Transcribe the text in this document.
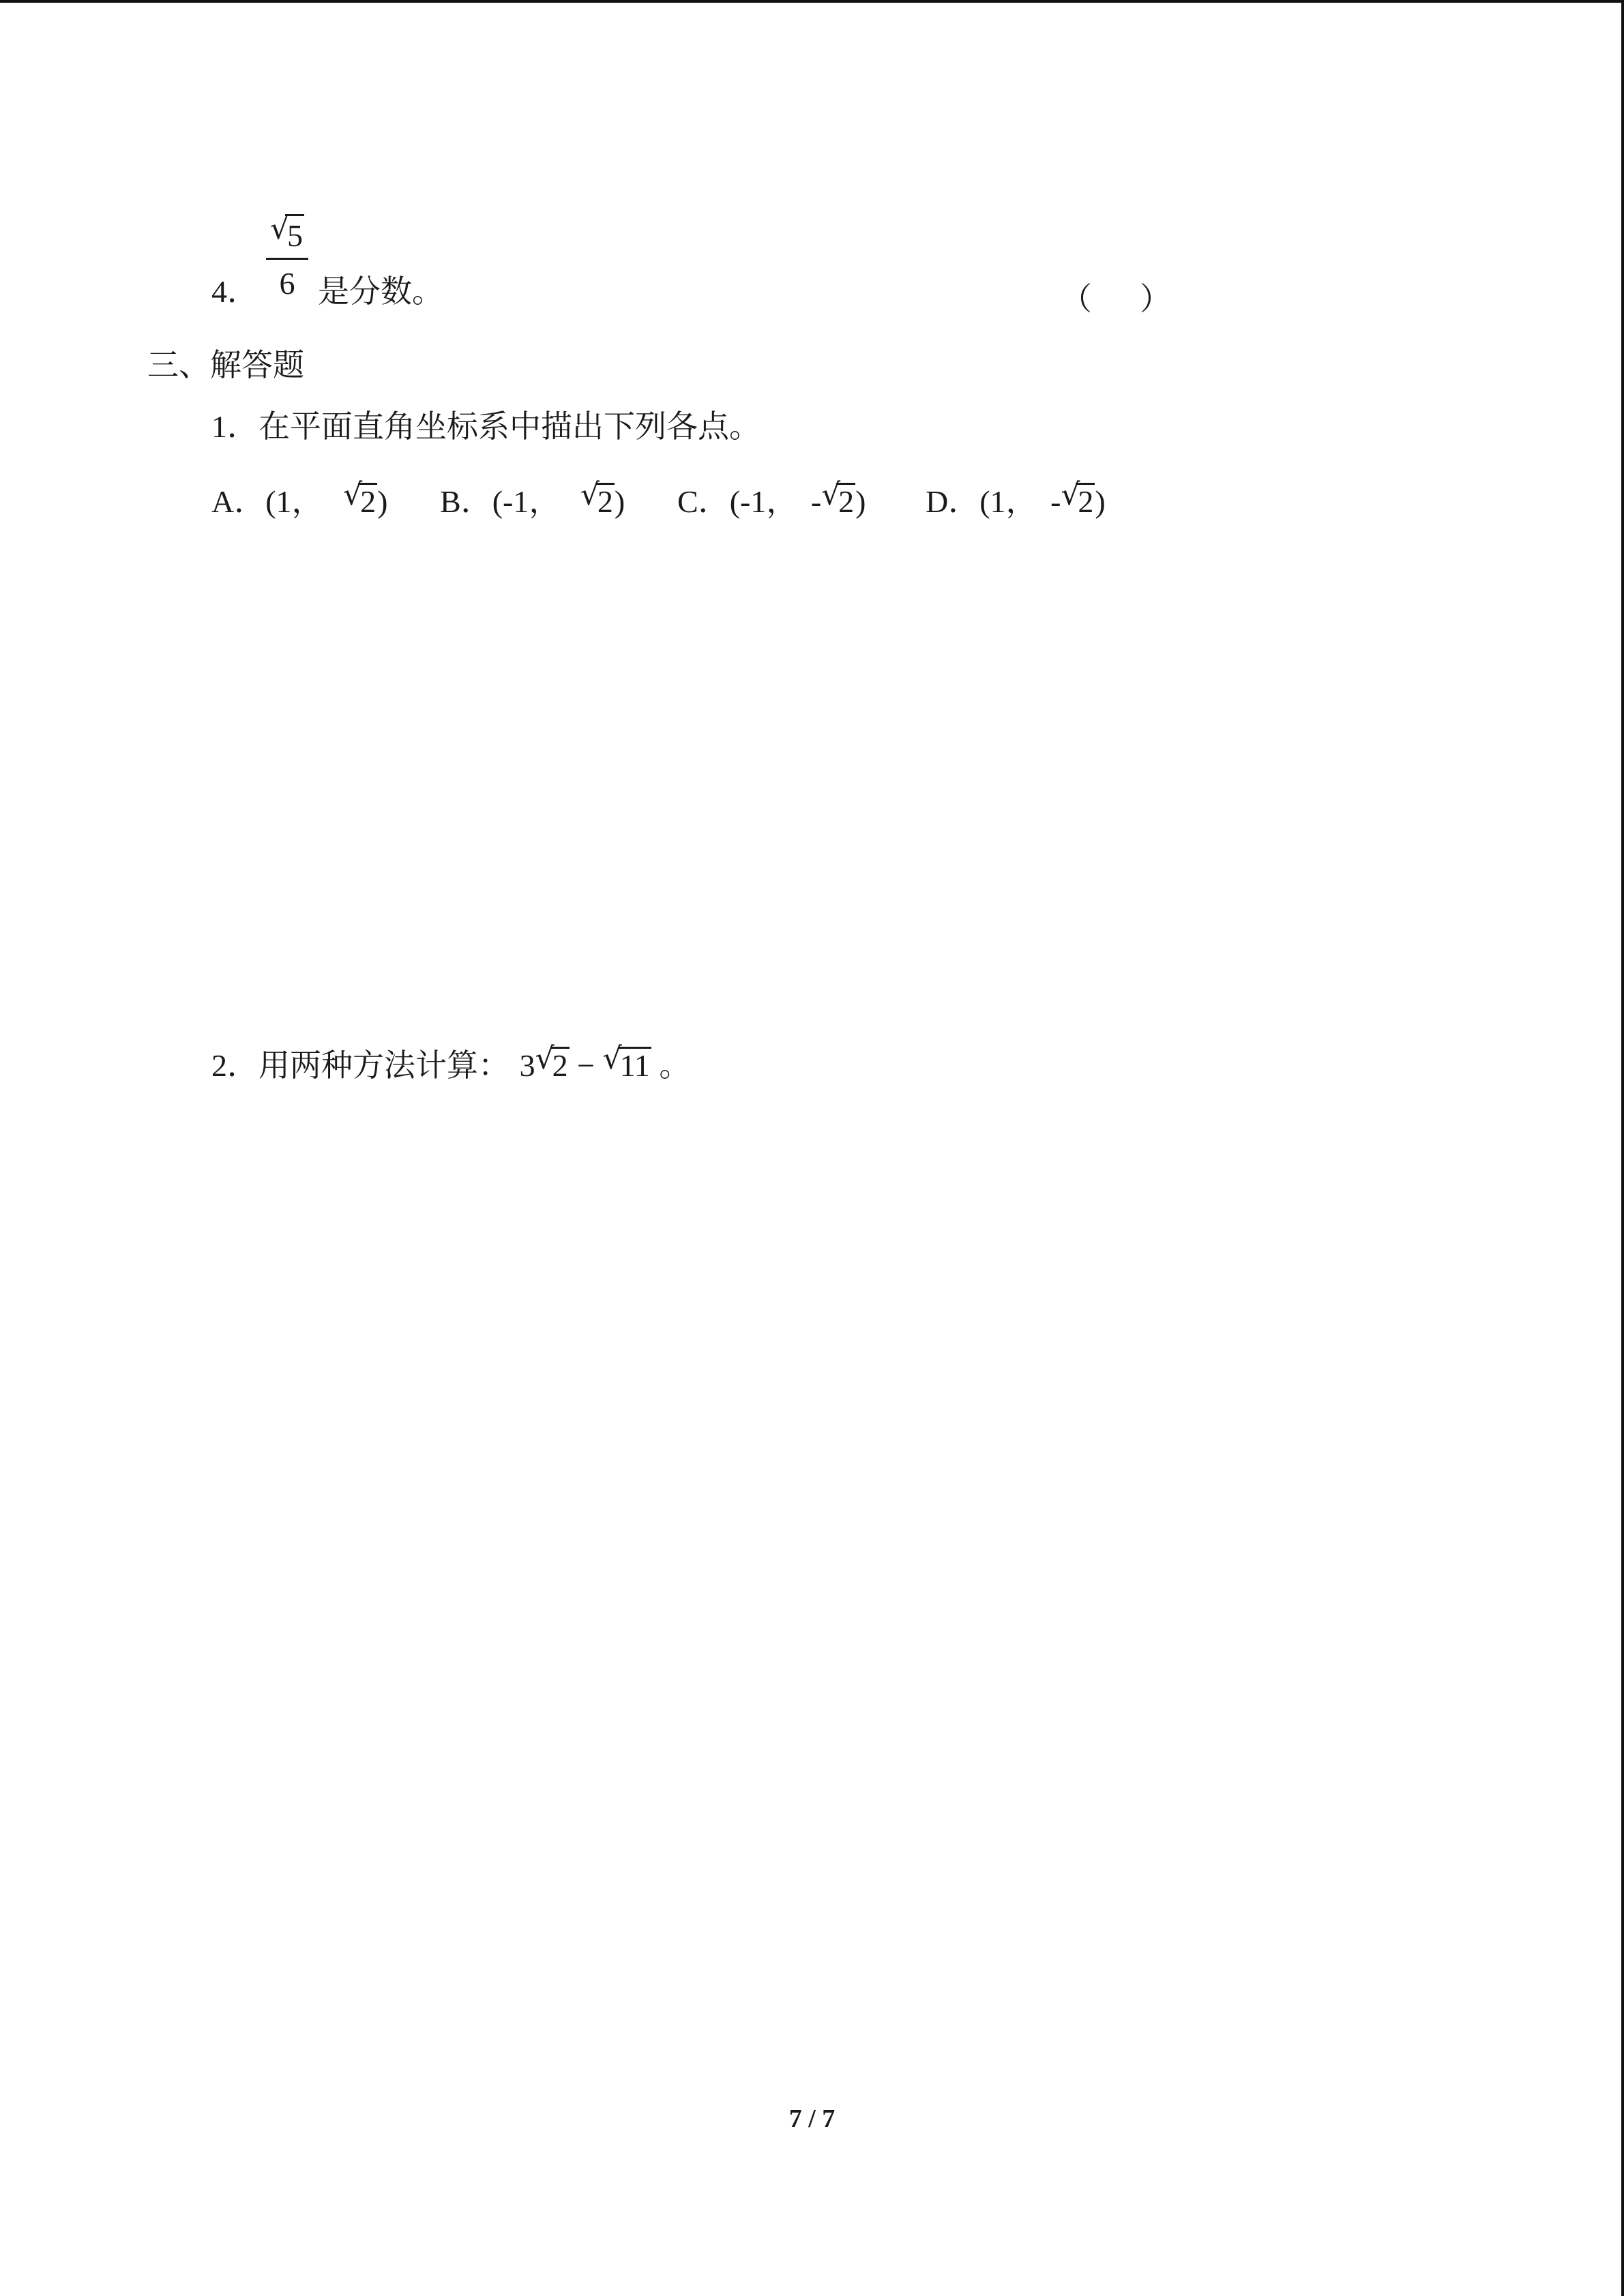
4．
√
5
6 是分数。	（ ）
三、解答题
1．在平面直角坐标系中描出下列各点。
A．(1， √
2) B．(-1， √
2) C．(-1， - √
2) D．(1， - √
2)
2．用两种方法计算： 3 √
2 − √
11 。
7 / 7
